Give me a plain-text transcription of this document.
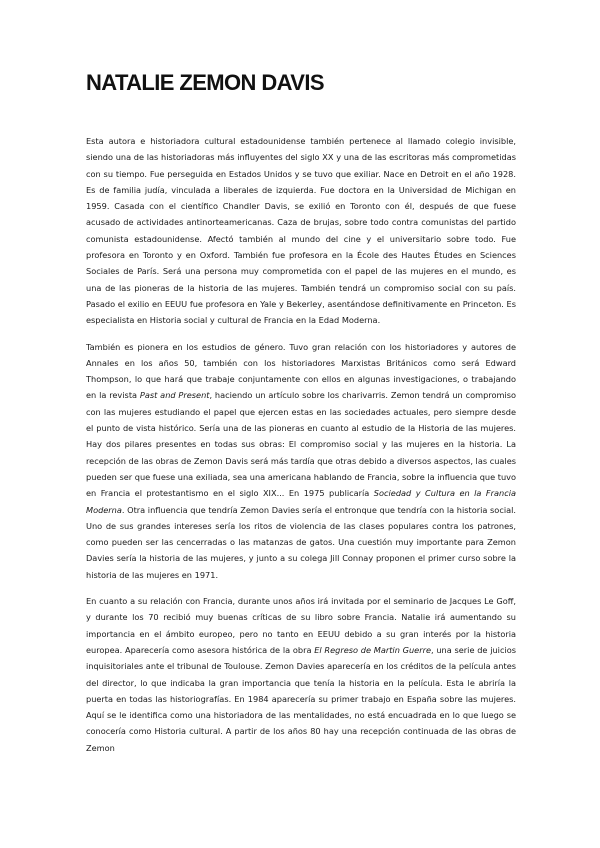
NATALIE ZEMON DAVIS

Esta autora e historiadora cultural estadounidense también pertenece al llamado colegio invisible, siendo una de las historiadoras más influyentes del siglo XX y una de las escritoras más comprometidas con su tiempo. Fue perseguida en Estados Unidos y se tuvo que exiliar. Nace en Detroit en el año 1928. Es de familia judía, vinculada a liberales de izquierda. Fue doctora en la Universidad de Michigan en 1959. Casada con el científico Chandler Davis, se exilió en Toronto con él, después de que fuese acusado de actividades antinorteamericanas. Caza de brujas, sobre todo contra comunistas del partido comunista estadounidense. Afectó también al mundo del cine y el universitario sobre todo. Fue profesora en Toronto y en Oxford. También fue profesora en la École des Hautes Études en Sciences Sociales de París. Será una persona muy comprometida con el papel de las mujeres en el mundo, es una de las pioneras de la historia de las mujeres. También tendrá un compromiso social con su país. Pasado el exilio en EEUU fue profesora en Yale y Bekerley, asentándose definitivamente en Princeton. Es especialista en Historia social y cultural de Francia en la Edad Moderna.

También es pionera en los estudios de género. Tuvo gran relación con los historiadores y autores de Annales en los años 50, también con los historiadores Marxistas Británicos como será Edward Thompson, lo que hará que trabaje conjuntamente con ellos en algunas investigaciones, o trabajando en la revista Past and Present, haciendo un artículo sobre los charivarris. Zemon tendrá un compromiso con las mujeres estudiando el papel que ejercen estas en las sociedades actuales, pero siempre desde el punto de vista histórico. Sería una de las pioneras en cuanto al estudio de la Historia de las mujeres. Hay dos pilares presentes en todas sus obras: El compromiso social y las mujeres en la historia. La recepción de las obras de Zemon Davis será más tardía que otras debido a diversos aspectos, las cuales pueden ser que fuese una exiliada, sea una americana hablando de Francia, sobre la influencia que tuvo en Francia el protestantismo en el siglo XIX... En 1975 publicaría Sociedad y Cultura en la Francia Moderna. Otra influencia que tendría Zemon Davies sería el entronque que tendría con la historia social. Uno de sus grandes intereses sería los ritos de violencia de las clases populares contra los patrones, como pueden ser las cencerradas o las matanzas de gatos. Una cuestión muy importante para Zemon Davies sería la historia de las mujeres, y junto a su colega Jill Connay proponen el primer curso sobre la historia de las mujeres en 1971.

En cuanto a su relación con Francia, durante unos años irá invitada por el seminario de Jacques Le Goff, y durante los 70 recibió muy buenas críticas de su libro sobre Francia. Natalie irá aumentando su importancia en el ámbito europeo, pero no tanto en EEUU debido a su gran interés por la historia europea. Aparecería como asesora histórica de la obra El Regreso de Martin Guerre, una serie de juicios inquisitoriales ante el tribunal de Toulouse. Zemon Davies aparecería en los créditos de la película antes del director, lo que indicaba la gran importancia que tenía la historia en la película. Esta le abriría la puerta en todas las historiografías. En 1984 aparecería su primer trabajo en España sobre las mujeres. Aquí se le identifica como una historiadora de las mentalidades, no está encuadrada en lo que luego se conocería como Historia cultural. A partir de los años 80 hay una recepción continuada de las obras de Zemon
